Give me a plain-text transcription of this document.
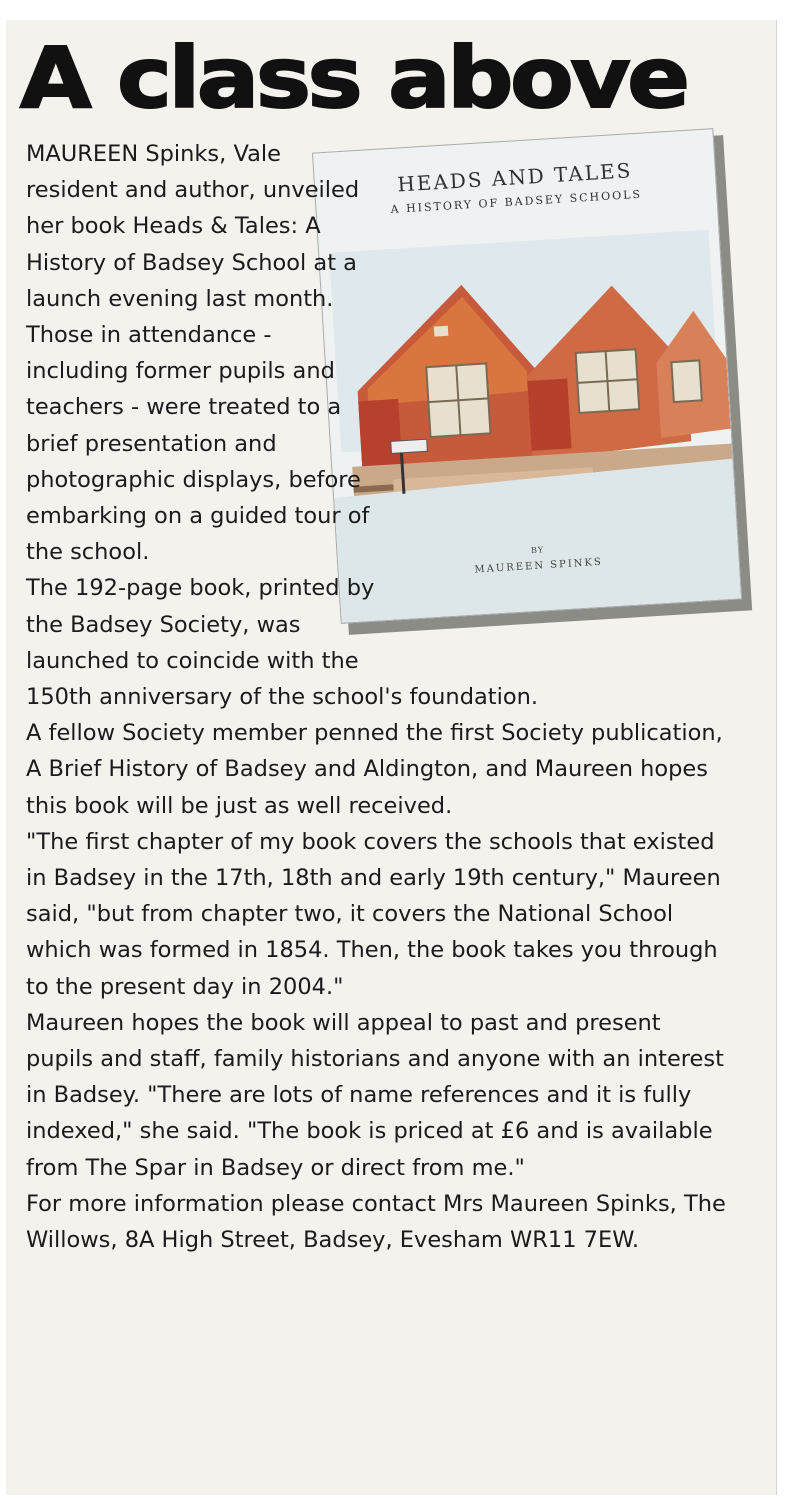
A class above
HEADS AND TALES
A HISTORY OF BADSEY SCHOOLS
BY
MAUREEN SPINKS

MAUREEN Spinks, Vale resident and author, unveiled her book Heads & Tales: A History of Badsey School at a launch evening last month.

Those in attendance - including former pupils and teachers - were treated to a brief presentation and photographic displays, before embarking on a guided tour of the school.

The 192-page book, printed by the Badsey Society, was launched to coincide with the 150th anniversary of the school's foundation.

A fellow Society member penned the first Society publication, A Brief History of Badsey and Aldington, and Maureen hopes this book will be just as well received.

"The first chapter of my book covers the schools that existed in Badsey in the 17th, 18th and early 19th century," Maureen said, "but from chapter two, it covers the National School which was formed in 1854. Then, the book takes you through to the present day in 2004."

Maureen hopes the book will appeal to past and present pupils and staff, family historians and anyone with an interest in Badsey. "There are lots of name references and it is fully indexed," she said. "The book is priced at £6 and is available from The Spar in Badsey or direct from me."

For more information please contact Mrs Maureen Spinks, The Willows, 8A High Street, Badsey, Evesham WR11 7EW.
